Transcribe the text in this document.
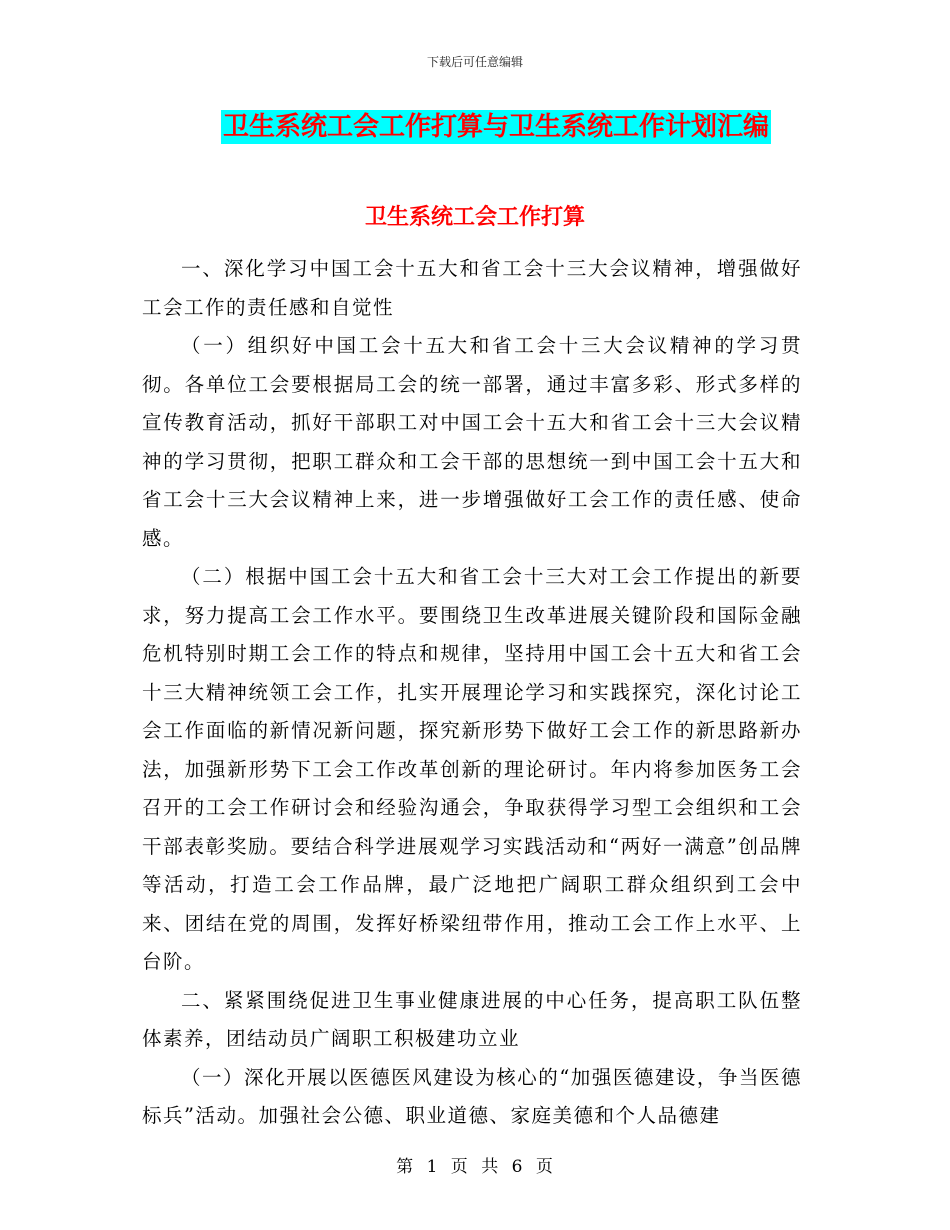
下载后可任意编辑
卫生系统工会工作打算与卫生系统工作计划汇编
卫生系统工会工作打算

一、深化学习中国工会十五大和省工会十三大会议精神，增强做好工会工作的责任感和自觉性

（一）组织好中国工会十五大和省工会十三大会议精神的学习贯彻。各单位工会要根据局工会的统一部署，通过丰富多彩、形式多样的宣传教育活动，抓好干部职工对中国工会十五大和省工会十三大会议精神的学习贯彻，把职工群众和工会干部的思想统一到中国工会十五大和省工会十三大会议精神上来，进一步增强做好工会工作的责任感、使命感。

（二）根据中国工会十五大和省工会十三大对工会工作提出的新要求，努力提高工会工作水平。要围绕卫生改革进展关键阶段和国际金融危机特别时期工会工作的特点和规律，坚持用中国工会十五大和省工会十三大精神统领工会工作，扎实开展理论学习和实践探究，深化讨论工会工作面临的新情况新问题，探究新形势下做好工会工作的新思路新办法，加强新形势下工会工作改革创新的理论研讨。年内将参加医务工会召开的工会工作研讨会和经验沟通会，争取获得学习型工会组织和工会干部表彰奖励。要结合科学进展观学习实践活动和“两好一满意”创品牌等活动，打造工会工作品牌，最广泛地把广阔职工群众组织到工会中来、团结在党的周围，发挥好桥梁纽带作用，推动工会工作上水平、上台阶。

二、紧紧围绕促进卫生事业健康进展的中心任务，提高职工队伍整体素养，团结动员广阔职工积极建功立业

（一）深化开展以医德医风建设为核心的“加强医德建设，争当医德标兵”活动。加强社会公德、职业道德、家庭美德和个人品德建

第 1 页 共 6 页
